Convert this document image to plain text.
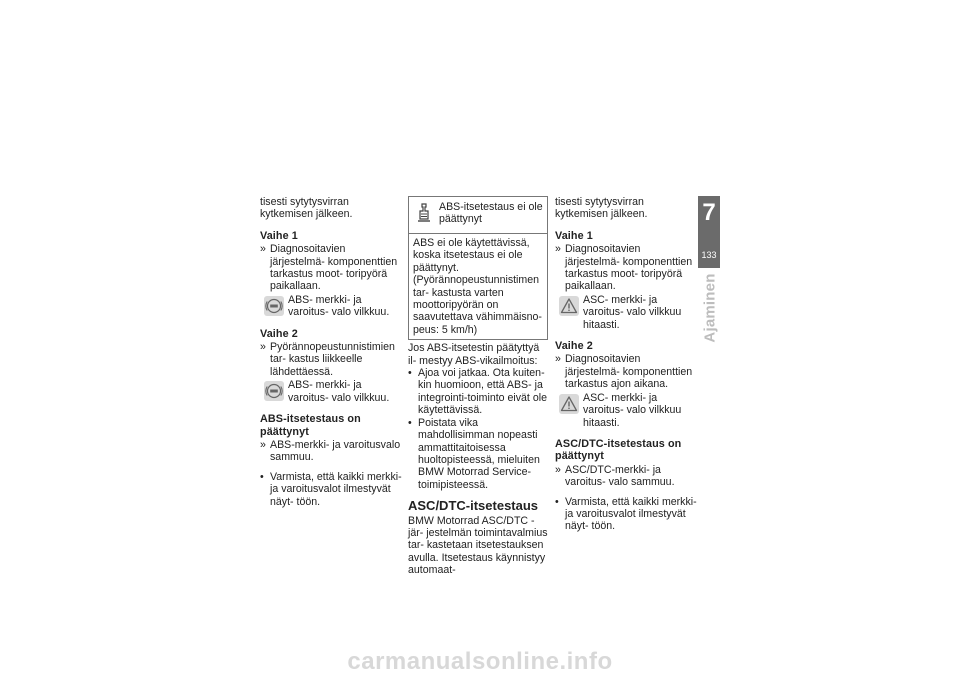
tisesti sytytysvirran kytkemisen jälkeen.

Vaihe 1

» Diagnosoitavien järjestelmä- komponenttien tarkastus moot- toripyörä paikallaan.
ABS- merkki- ja varoitus- valo vilkkuu.

Vaihe 2

» Pyörännopeustunnistimien tar- kastus liikkeelle lähdettäessä.
ABS- merkki- ja varoitus- valo vilkkuu.

ABS-itsetestaus on päättynyt

» ABS-merkki- ja varoitusvalo sammuu.
• Varmista, että kaikki merkki- ja varoitusvalot ilmestyvät näyt- töön.
ABS-itsetestaus ei ole päättynyt
ABS ei ole käytettävissä, koska itsetestaus ei ole päättynyt. (Pyörännopeustunnistimen tar- kastusta varten moottoripyörän on saavutettava vähimmäisno- peus: 5 km/h)

Jos ABS-itsetestin päätyttyä il- mestyy ABS-vikailmoitus:

• Ajoa voi jatkaa. Ota kuiten- kin huomioon, että ABS- ja integrointi-toiminto eivät ole käytettävissä.
• Poistata vika mahdollisimman nopeasti ammattitaitoisessa huoltopisteessä, mieluiten BMW Motorrad Service- toimipisteessä.

ASC/DTC-itsetestaus

BMW Motorrad ASC/DTC -jär- jestelmän toimintavalmius tar- kastetaan itsetestauksen avulla. Itsetestaus käynnistyy automaat-

tisesti sytytysvirran kytkemisen jälkeen.

Vaihe 1

» Diagnosoitavien järjestelmä- komponenttien tarkastus moot- toripyörä paikallaan.
ASC- merkki- ja varoitus- valo vilkkuu hitaasti.

Vaihe 2

» Diagnosoitavien järjestelmä- komponenttien tarkastus ajon aikana.
ASC- merkki- ja varoitus- valo vilkkuu hitaasti.

ASC/DTC-itsetestaus on päättynyt

» ASC/DTC-merkki- ja varoitus- valo sammuu.
• Varmista, että kaikki merkki- ja varoitusvalot ilmestyvät näyt- töön.
7
133
Ajaminen
carmanualsonline.info
